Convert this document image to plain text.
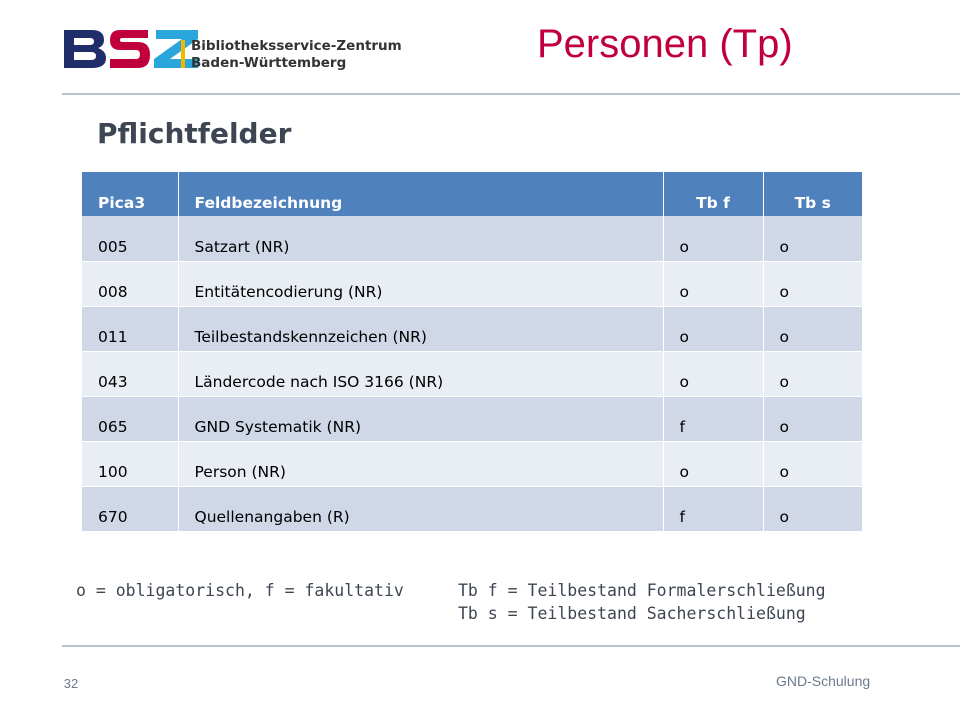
Bibliotheksservice-Zentrum
Baden-Württemberg	Personen (Tp)
Pflichtfelder
Pica3	Feldbezeichnung	Tb f	Tb s
005	Satzart (NR)	o	o
008	Entitätencodierung (NR)	o	o
011	Teilbestandskennzeichen (NR)	o	o
043	Ländercode nach ISO 3166 (NR)	o	o
065	GND Systematik (NR)	f	o
100	Person (NR)	o	o
670	Quellenangaben (R)	f	o
o = obligatorisch, f = fakultativ	Tb f = Teilbestand Formalerschließung
Tb s = Teilbestand Sacherschließung
32	GND-Schulung
